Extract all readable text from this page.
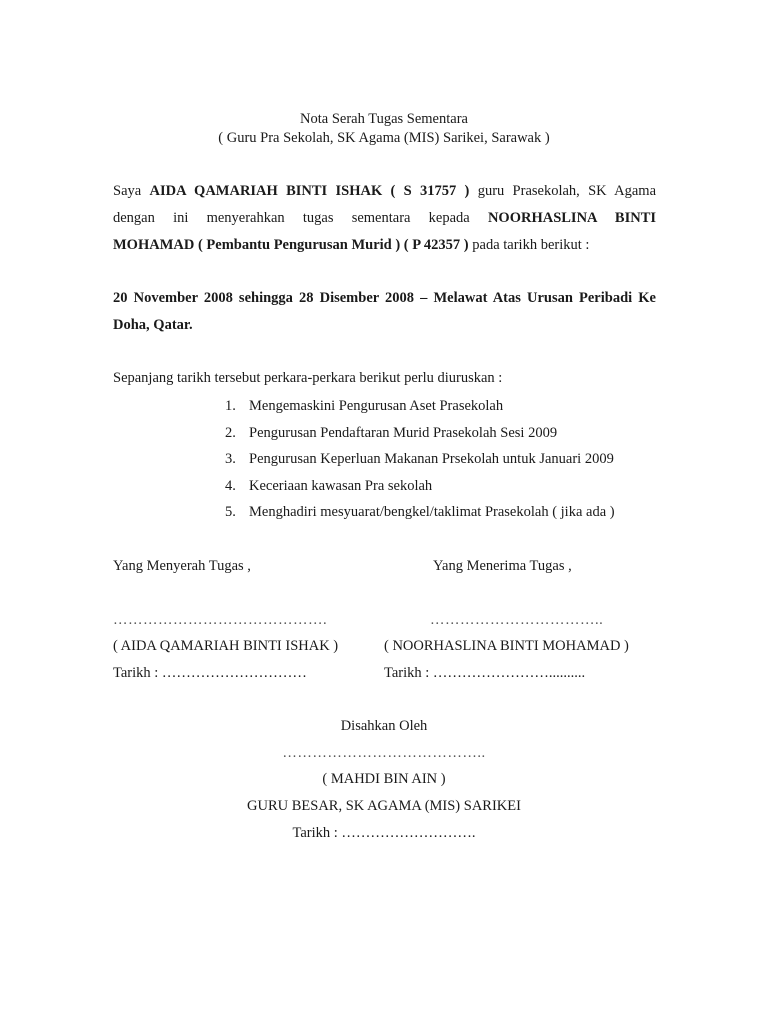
Nota Serah Tugas Sementara
( Guru Pra Sekolah, SK Agama (MIS) Sarikei, Sarawak )
Saya AIDA QAMARIAH BINTI ISHAK ( S 31757 ) guru Prasekolah, SK Agama
dengan ini menyerahkan tugas sementara kepada NOORHASLINA BINTI
MOHAMAD ( Pembantu Pengurusan Murid ) ( P 42357 ) pada tarikh berikut :
20 November 2008 sehingga 28 Disember 2008 – Melawat Atas Urusan Peribadi Ke
Doha, Qatar.
Sepanjang tarikh tersebut perkara-perkara berikut perlu diuruskan :
1. Mengemaskini Pengurusan Aset Prasekolah
2. Pengurusan Pendaftaran Murid Prasekolah Sesi 2009
3. Pengurusan Keperluan Makanan Prsekolah untuk Januari 2009
4. Keceriaan kawasan Pra sekolah
5. Menghadiri mesyuarat/bengkel/taklimat Prasekolah ( jika ada )
Yang Menyerah Tugas ,	Yang Menerima Tugas ,
…………………………………….	……………………………..
( AIDA QAMARIAH BINTI ISHAK )	( NOORHASLINA BINTI MOHAMAD )
Tarikh : …………………………	Tarikh : ……………………..........
Disahkan Oleh
…………………………………..
( MAHDI BIN AIN )
GURU BESAR, SK AGAMA (MIS) SARIKEI
Tarikh : ……………………….
